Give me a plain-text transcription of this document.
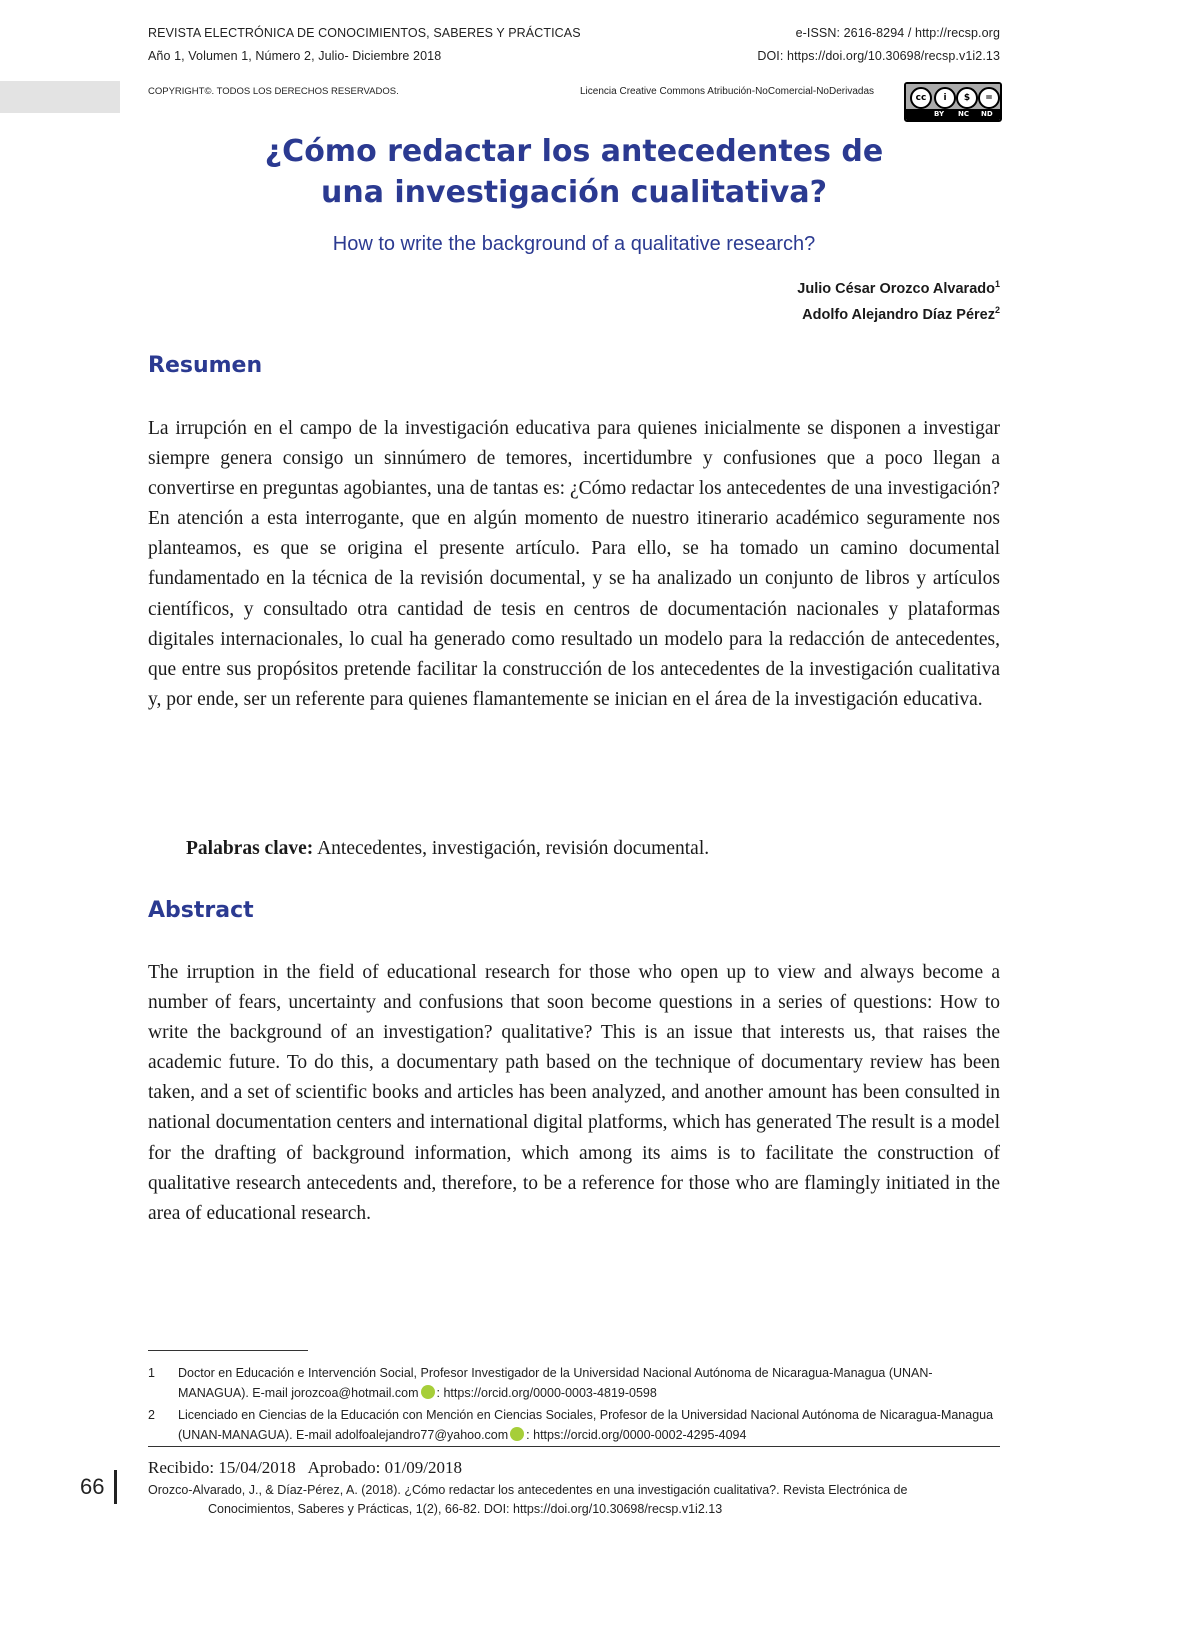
REVISTA ELECTRÓNICA DE CONOCIMIENTOS, SABERES Y PRÁCTICAS
Año 1, Volumen 1, Número 2, Julio- Diciembre 2018
e-ISSN: 2616-8294 / http://recsp.org
DOI: https://doi.org/10.30698/recsp.v1i2.13
COPYRIGHT©. TODOS LOS DERECHOS RESERVADOS.	Licencia Creative Commons Atribución-NoComercial-NoDerivadas
cc	i	$	=
BY NC ND
¿Cómo redactar los antecedentes de
una investigación cualitativa?
How to write the background of a qualitative research?
Julio César Orozco Alvarado$^1$
Adolfo Alejandro Díaz Pérez$^2$
Resumen

La irrupción en el campo de la investigación educativa para quienes inicialmente se disponen a investigar siempre genera consigo un sinnúmero de temores, incertidumbre y confusiones que a poco llegan a convertirse en preguntas agobiantes, una de tantas es: ¿Cómo redactar los antecedentes de una investigación? En atención a esta interrogante, que en algún momento de nuestro itinerario académico seguramente nos planteamos, es que se origina el presente artículo. Para ello, se ha tomado un camino documental fundamentado en la técnica de la revisión documental, y se ha analizado un conjunto de libros y artículos científicos, y consultado otra cantidad de tesis en centros de documentación nacionales y plataformas digitales internacionales, lo cual ha generado como resultado un modelo para la redacción de antecedentes, que entre sus propósitos pretende facilitar la construcción de los antecedentes de la investigación cualitativa y, por ende, ser un referente para quienes flamantemente se inician en el área de la investigación educativa.

Palabras clave: Antecedentes, investigación, revisión documental.

Abstract

The irruption in the field of educational research for those who open up to view and always become a number of fears, uncertainty and confusions that soon become questions in a series of questions: How to write the background of an investigation? qualitative? This is an issue that interests us, that raises the academic future. To do this, a documentary path based on the technique of documentary review has been taken, and a set of scientific books and articles has been analyzed, and another amount has been consulted in national documentation centers and international digital platforms, which has generated The result is a model for the drafting of background information, which among its aims is to facilitate the construction of qualitative research antecedents and, therefore, to be a reference for those who are flamingly initiated in the area of educational research.

1	Doctor en Educación e Intervención Social, Profesor Investigador de la Universidad Nacional Autónoma de Nicaragua-Managua (UNAN-MANAGUA). E-mail jorozcoa@hotmail.com : https://orcid.org/0000-0003-4819-0598
2	Licenciado en Ciencias de la Educación con Mención en Ciencias Sociales, Profesor de la Universidad Nacional Autónoma de Nicaragua-Managua (UNAN-MANAGUA). E-mail adolfoalejandro77@yahoo.com : https://orcid.org/0000-0002-4295-4094
Recibido: 15/04/2018   Aprobado: 01/09/2018
66	Orozco-Alvarado, J., & Díaz-Pérez, A. (2018). ¿Cómo redactar los antecedentes en una investigación cualitativa?. Revista Electrónica de
Conocimientos, Saberes y Prácticas, 1(2), 66-82. DOI: https://doi.org/10.30698/recsp.v1i2.13
